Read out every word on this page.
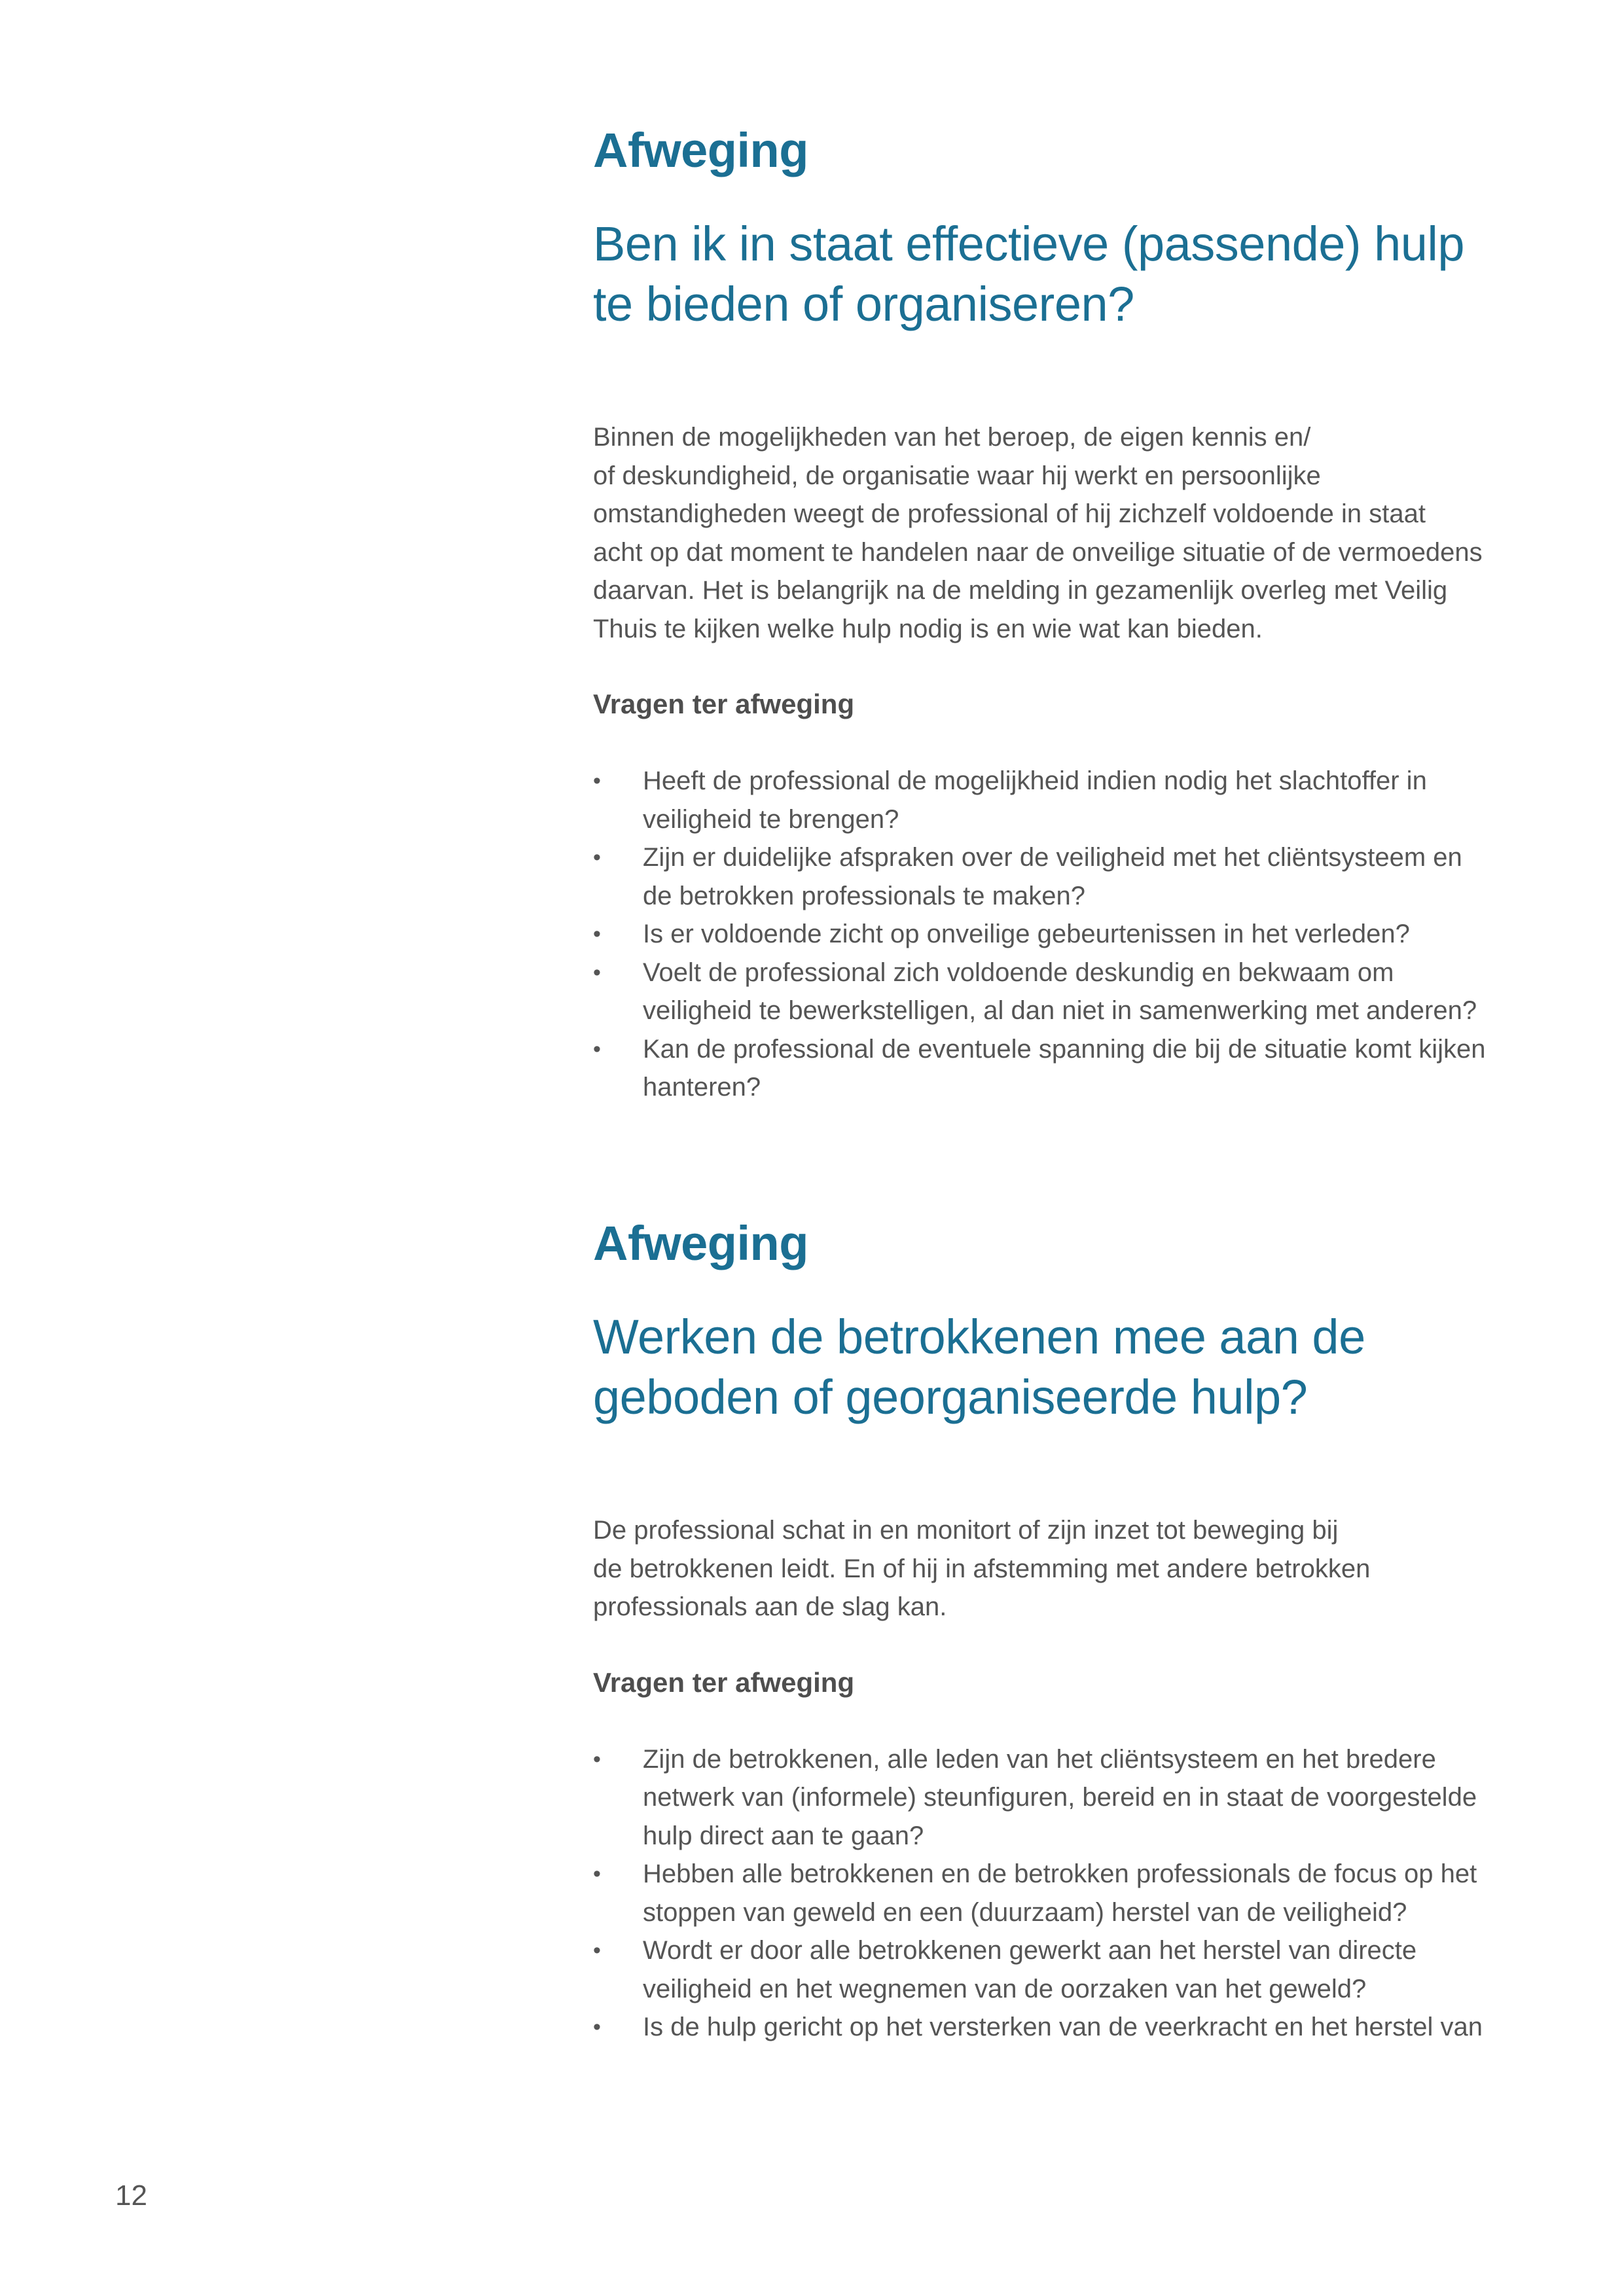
Afweging
Ben ik in staat effectieve (passende) hulp
te bieden of organiseren?

Binnen de mogelijkheden van het beroep, de eigen kennis en/
of deskundigheid, de organisatie waar hij werkt en persoonlijke
omstandigheden weegt de professional of hij zichzelf voldoende in staat
acht op dat moment te handelen naar de onveilige situatie of de vermoedens
daarvan. Het is belangrijk na de melding in gezamenlijk overleg met Veilig
Thuis te kijken welke hulp nodig is en wie wat kan bieden.

Vragen ter afweging
• Heeft de professional de mogelijkheid indien nodig het slachtoffer in
veiligheid te brengen?
• Zijn er duidelijke afspraken over de veiligheid met het cliëntsysteem en
de betrokken professionals te maken?
• Is er voldoende zicht op onveilige gebeurtenissen in het verleden?
• Voelt de professional zich voldoende deskundig en bekwaam om
veiligheid te bewerkstelligen, al dan niet in samenwerking met anderen?
• Kan de professional de eventuele spanning die bij de situatie komt kijken
hanteren?
Afweging
Werken de betrokkenen mee aan de
geboden of georganiseerde hulp?

De professional schat in en monitort of zijn inzet tot beweging bij
de betrokkenen leidt. En of hij in afstemming met andere betrokken
professionals aan de slag kan.

Vragen ter afweging
• Zijn de betrokkenen, alle leden van het cliëntsysteem en het bredere
netwerk van (informele) steunfiguren, bereid en in staat de voorgestelde
hulp direct aan te gaan?
• Hebben alle betrokkenen en de betrokken professionals de focus op het
stoppen van geweld en een (duurzaam) herstel van de veiligheid?
• Wordt er door alle betrokkenen gewerkt aan het herstel van directe
veiligheid en het wegnemen van de oorzaken van het geweld?
• Is de hulp gericht op het versterken van de veerkracht en het herstel van

12
